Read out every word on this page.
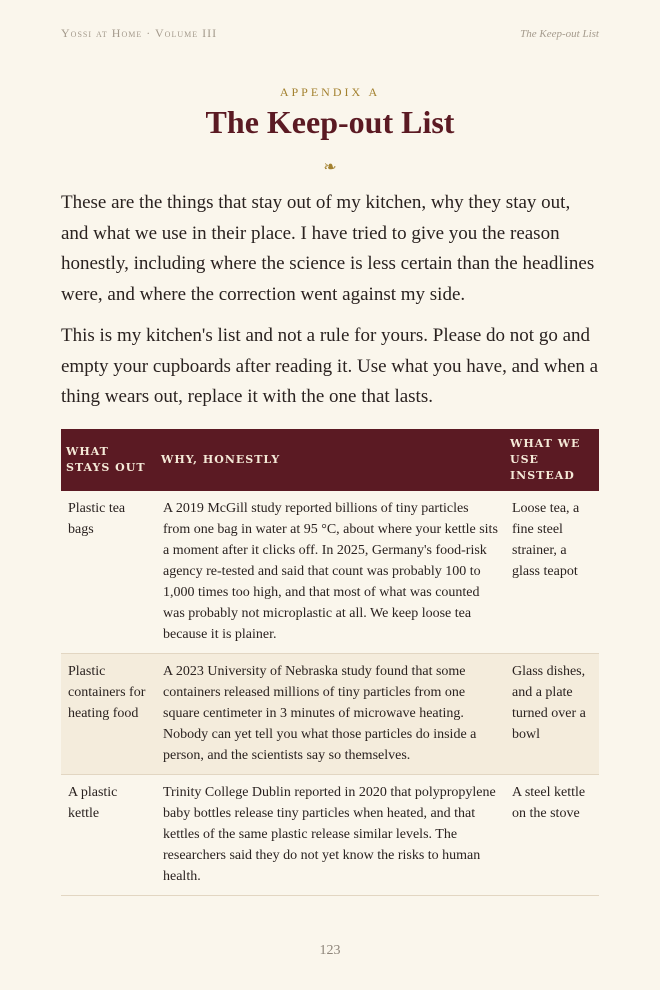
Yossi at Home · Volume III	The Keep-out List
APPENDIX A
The Keep-out List
❧

These are the things that stay out of my kitchen, why they stay out, and what we use in their place. I have tried to give you the reason honestly, including where the science is less certain than the headlines were, and where the correction went against my side.

This is my kitchen's list and not a rule for yours. Please do not go and empty your cupboards after reading it. Use what you have, and when a thing wears out, replace it with the one that lasts.

WHAT STAYS OUT	WHY, HONESTLY	WHAT WE USE INSTEAD
Plastic tea bags	A 2019 McGill study reported billions of tiny particles from one bag in water at 95 °C, about where your kettle sits a moment after it clicks off. In 2025, Germany's food-risk agency re-tested and said that count was probably 100 to 1,000 times too high, and that most of what was counted was probably not microplastic at all. We keep loose tea because it is plainer.	Loose tea, a fine steel strainer, a glass teapot
Plastic containers for heating food	A 2023 University of Nebraska study found that some containers released millions of tiny particles from one square centimeter in 3 minutes of microwave heating. Nobody can yet tell you what those particles do inside a person, and the scientists say so themselves.	Glass dishes, and a plate turned over a bowl
A plastic kettle	Trinity College Dublin reported in 2020 that polypropylene baby bottles release tiny particles when heated, and that kettles of the same plastic release similar levels. The researchers said they do not yet know the risks to human health.	A steel kettle on the stove
123
